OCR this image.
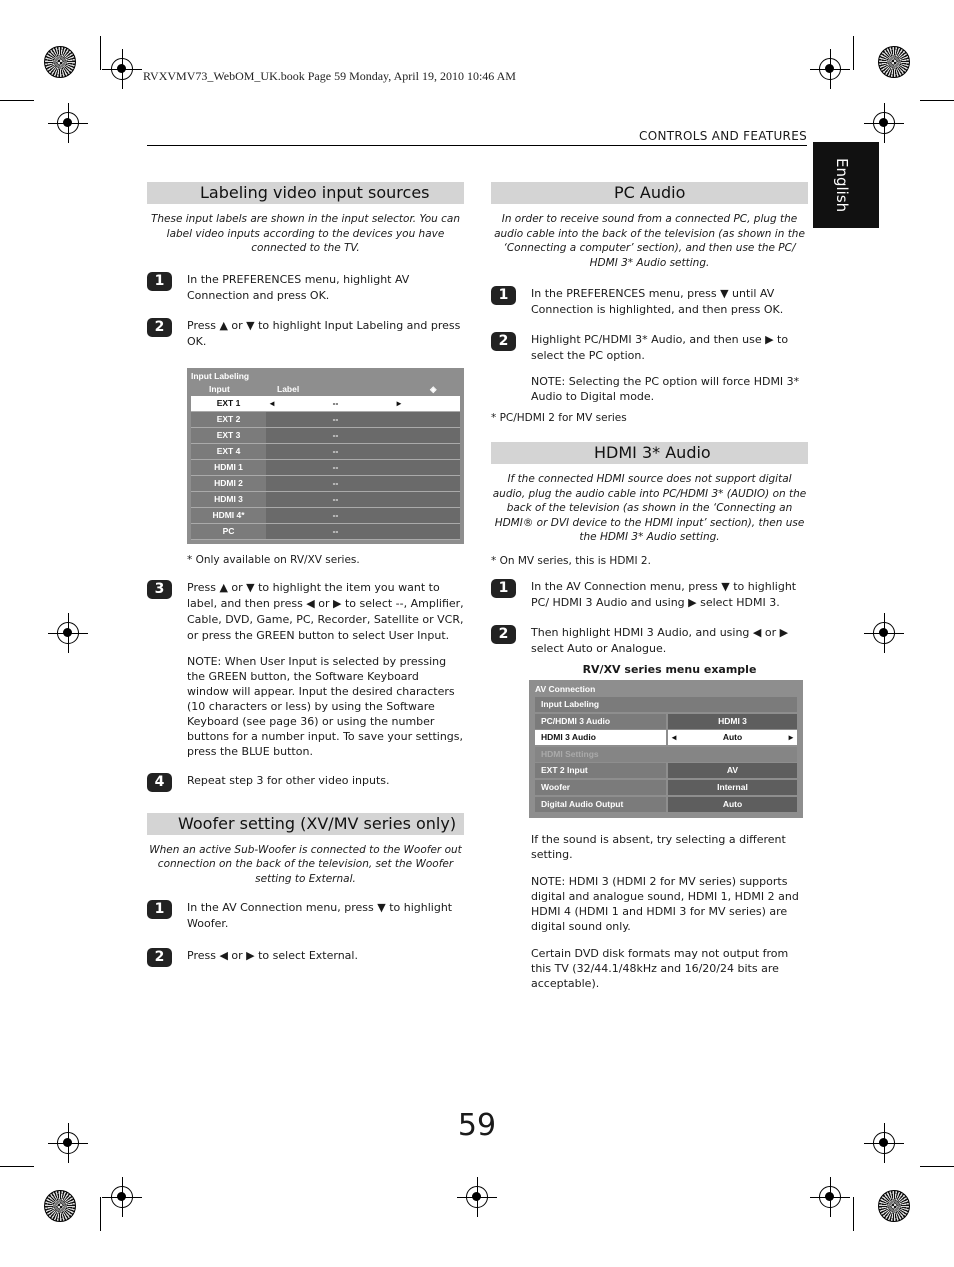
RVXVMV73_WebOM_UK.book Page 59 Monday, April 19, 2010 10:46 AM
CONTROLS AND FEATURES
English
Labeling video input sources

These input labels are shown in the input selector. You can label video inputs according to the devices you have connected to the TV.

1	In the PREFERENCES menu, highlight AV Connection and press OK.

2	Press ▲ or ▼ to highlight Input Labeling and press OK.

Input Labeling
Input	Label	◈
EXT 1	◂ -- ▸	

EXT 2	--	
EXT 3	--	
EXT 4	--	
HDMI 1	--	
HDMI 2	--	
HDMI 3	--	
HDMI 4*	--	
PC	--	

* Only available on RV/XV series.

3	Press ▲ or ▼ to highlight the item you want to label, and then press ◀ or ▶ to select --, Amplifier, Cable, DVD, Game, PC, Recorder, Satellite or VCR, or press the GREEN button to select User Input.

NOTE: When User Input is selected by pressing the GREEN button, the Software Keyboard window will appear. Input the desired characters (10 characters or less) by using the Software Keyboard (see page 36) or using the number buttons for a number input. To save your settings, press the BLUE button.

4	Repeat step 3 for other video inputs.

Woofer setting (XV/MV series only)

When an active Sub-Woofer is connected to the Woofer out connection on the back of the television, set the Woofer setting to External.

1	In the AV Connection menu, press ▼ to highlight Woofer.

2	Press ◀ or ▶ to select External.

PC Audio

In order to receive sound from a connected PC, plug the audio cable into the back of the television (as shown in the ‘Connecting a computer’ section), and then use the PC/ HDMI 3* Audio setting.

1	In the PREFERENCES menu, press ▼ until AV Connection is highlighted, and then press OK.

2	Highlight PC/HDMI 3* Audio, and then use ▶ to select the PC option.

NOTE: Selecting the PC option will force HDMI 3* Audio to Digital mode.

* PC/HDMI 2 for MV series

HDMI 3* Audio

If the connected HDMI source does not support digital audio, plug the audio cable into PC/HDMI 3* (AUDIO) on the back of the television (as shown in the ‘Connecting an HDMI® or DVI device to the HDMI input’ section), then use the HDMI 3* Audio setting.

* On MV series, this is HDMI 2.

1	In the AV Connection menu, press ▼ to highlight PC/ HDMI 3 Audio and using ▶ select HDMI 3.

2	Then highlight HDMI 3 Audio, and using ◀ or ▶ select Auto or Analogue.

RV/XV series menu example

AV Connection
Input Labeling
PC/HDMI 3 Audio	HDMI 3
HDMI 3 Audio	◂	Auto	▸
HDMI Settings
EXT 2 Input	AV
Woofer	Internal
Digital Audio Output	Auto

If the sound is absent, try selecting a different setting.

NOTE: HDMI 3 (HDMI 2 for MV series) supports digital and analogue sound, HDMI 1, HDMI 2 and HDMI 4 (HDMI 1 and HDMI 3 for MV series) are digital sound only.

Certain DVD disk formats may not output from this TV (32/44.1/48kHz and 16/20/24 bits are acceptable).

59
